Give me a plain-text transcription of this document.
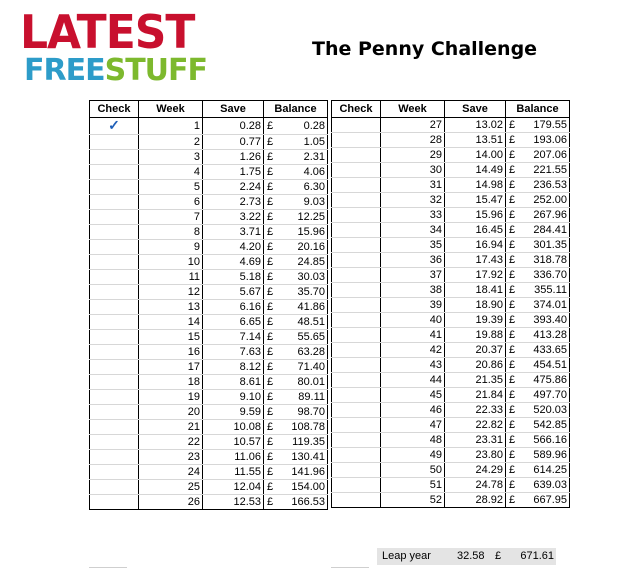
LATEST
FREESTUFF
The Penny Challenge
Check	Week	Save	Balance
✓	1	0.28	£ 0.28

	2	0.77	£ 1.05

	3	1.26	£ 2.31

	4	1.75	£ 4.06

	5	2.24	£ 6.30

	6	2.73	£ 9.03

	7	3.22	£ 12.25

	8	3.71	£ 15.96

	9	4.20	£ 20.16

	10	4.69	£ 24.85

	11	5.18	£ 30.03

	12	5.67	£ 35.70

	13	6.16	£ 41.86

	14	6.65	£ 48.51

	15	7.14	£ 55.65

	16	7.63	£ 63.28

	17	8.12	£ 71.40

	18	8.61	£ 80.01

	19	9.10	£ 89.11

	20	9.59	£ 98.70

	21	10.08	£ 108.78

	22	10.57	£ 119.35

	23	11.06	£ 130.41

	24	11.55	£ 141.96

	25	12.04	£ 154.00

	26	12.53	£ 166.53
Check	Week	Save	Balance
	27	13.02	£ 179.55

	28	13.51	£ 193.06

	29	14.00	£ 207.06

	30	14.49	£ 221.55

	31	14.98	£ 236.53

	32	15.47	£ 252.00

	33	15.96	£ 267.96

	34	16.45	£ 284.41

	35	16.94	£ 301.35

	36	17.43	£ 318.78

	37	17.92	£ 336.70

	38	18.41	£ 355.11

	39	18.90	£ 374.01

	40	19.39	£ 393.40

	41	19.88	£ 413.28

	42	20.37	£ 433.65

	43	20.86	£ 454.51

	44	21.35	£ 475.86

	45	21.84	£ 497.70

	46	22.33	£ 520.03

	47	22.82	£ 542.85

	48	23.31	£ 566.16

	49	23.80	£ 589.96

	50	24.29	£ 614.25

	51	24.78	£ 639.03

	52	28.92	£ 667.95
Leap year 32.58 £ 671.61
